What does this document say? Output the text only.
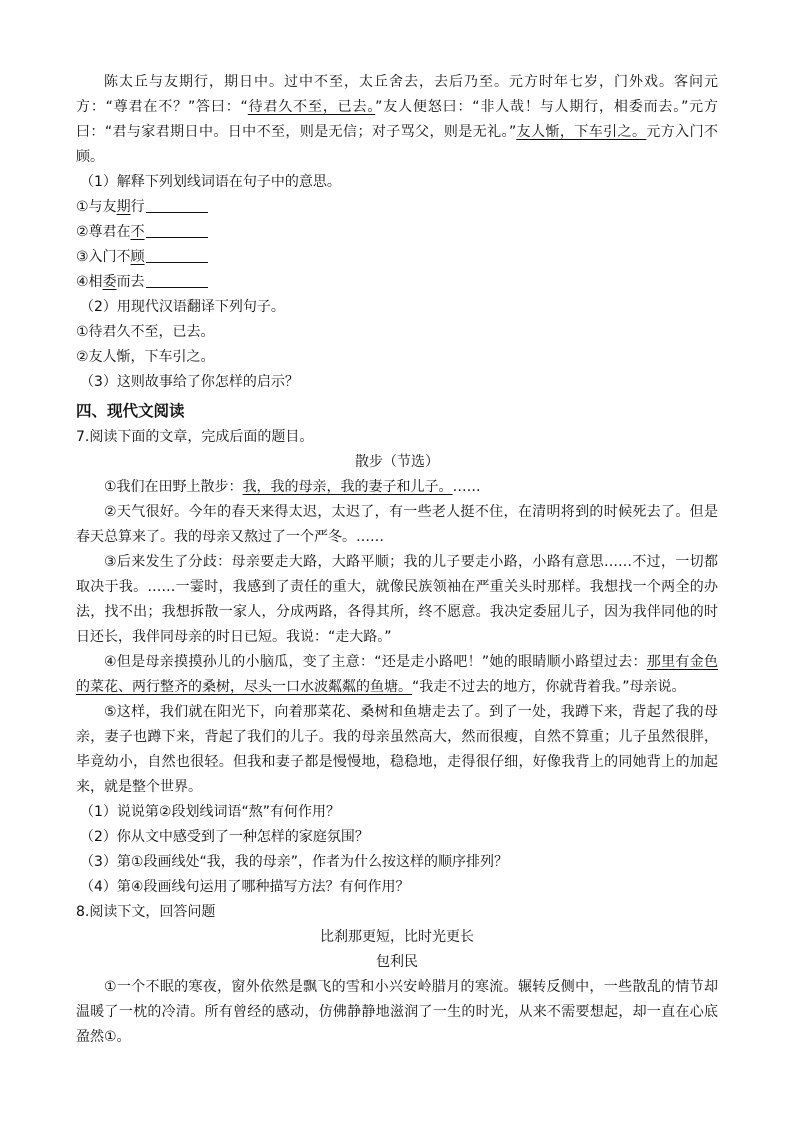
陈太丘与友期行，期日中。过中不至，太丘舍去，去后乃至。元方时年七岁，门外戏。客问元方：“尊君在不？”答曰：“待君久不至，已去。”友人便怒曰：“非人哉！与人期行，相委而去。”元方曰：“君与家君期日中。日中不至，则是无信；对子骂父，则是无礼。”友人惭，下车引之。元方入门不顾。

（1）解释下列划线词语在句子中的意思。

①与友期行

②尊君在不

③入门不顾

④相委而去

（2）用现代汉语翻译下列句子。

①待君久不至，已去。

②友人惭，下车引之。

（3）这则故事给了你怎样的启示？

四、现代文阅读

7.阅读下面的文章，完成后面的题目。

散步（节选）

①我们在田野上散步：我，我的母亲，我的妻子和儿子。……

②天气很好。今年的春天来得太迟，太迟了，有一些老人挺不住，在清明将到的时候死去了。但是春天总算来了。我的母亲又熬过了一个严冬。……

③后来发生了分歧：母亲要走大路，大路平顺；我的儿子要走小路，小路有意思……不过，一切都取决于我。……一霎时，我感到了责任的重大，就像民族领袖在严重关头时那样。我想找一个两全的办法，找不出；我想拆散一家人，分成两路，各得其所，终不愿意。我决定委屈儿子，因为我伴同他的时日还长，我伴同母亲的时日已短。我说：“走大路。”

④但是母亲摸摸孙儿的小脑瓜，变了主意：“还是走小路吧！”她的眼睛顺小路望过去：那里有金色的菜花、两行整齐的桑树，尽头一口水波粼粼的鱼塘。“我走不过去的地方，你就背着我。”母亲说。

⑤这样，我们就在阳光下，向着那菜花、桑树和鱼塘走去了。到了一处，我蹲下来，背起了我的母亲，妻子也蹲下来，背起了我们的儿子。我的母亲虽然高大，然而很瘦，自然不算重；儿子虽然很胖，毕竟幼小，自然也很轻。但我和妻子都是慢慢地，稳稳地，走得很仔细，好像我背上的同她背上的加起来，就是整个世界。

（1）说说第②段划线词语“熬”有何作用？

（2）你从文中感受到了一种怎样的家庭氛围？

（3）第①段画线处“我，我的母亲”，作者为什么按这样的顺序排列？

（4）第④段画线句运用了哪种描写方法？有何作用？

8.阅读下文，回答问题

比刹那更短，比时光更长

包利民

①一个不眠的寒夜，窗外依然是飘飞的雪和小兴安岭腊月的寒流。辗转反侧中，一些散乱的情节却温暖了一枕的冷清。所有曾经的感动，仿佛静静地滋润了一生的时光，从来不需要想起，却一直在心底盈然①。
